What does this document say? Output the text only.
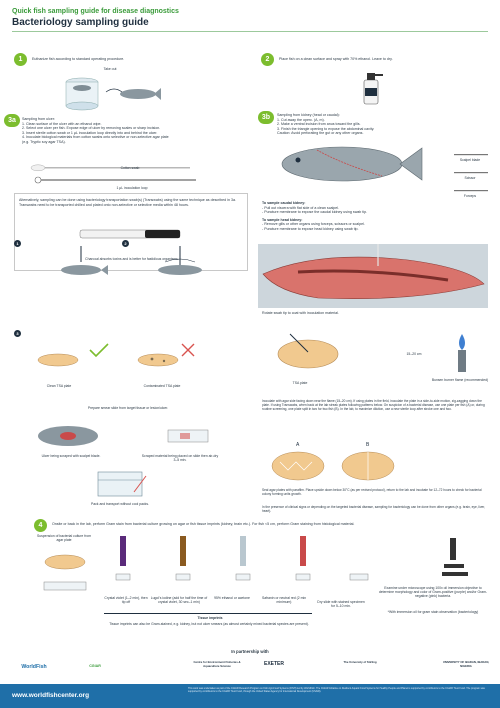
Quick fish sampling guide for disease diagnostics
Bacteriology sampling guide
1	Euthanize fish according to standard operating procedure.
Take out
2	Place fish on a clean surface and spray with 70% ethanol. Leave to dry.
3a	Sampling from ulcer:
1. Clean surface of the ulcer with an ethanol wipe.
2. Select one ulcer per fish. Expose edge of ulcer by removing scales or sharp incision.
3. Insert sterile cotton swab or 1 μL inoculation loop directly into and behind the ulcer.
4. Inoculate biological materials from cotton swabs onto selective or non-selective agar plate
(e.g. Tryptic soy agar TSA).
Cotton swab
1 μL inoculation loop
Alternatively, sampling can be done using bacteriology transportation swab(s) (Transwabs) using the same technique as described in 3a. Transwabs need to be transported chilled and plated onto non-selective or selective media within 48 hours.
Charcoal absorbs toxins and is better for fastidious organisms.
3b	Sampling from kidney (head or caudal):
1. Cut away the operc. (A, m).
2. Make a ventral incision from anus toward the gills.
3. Finish the triangle opening to expose the abdominal cavity.
Caution: Avoid perforating the gut or any other organs.
Scalpel blade
Scissor
Forceps
To sample caudal kidney:
- Pull out viscera with flat side of a clean scalpel.
- Puncture membrane to expose the caudal kidney using swab tip.
To sample head kidney:
- Remove gills or other organs using forceps, scissors or scalpel.
- Puncture membrane to expose head kidney using swab tip.
1	2
Rotate swab tip to coat with inoculation material.
3
Clean TSA plate	Contaminated TSA plate
Prepare smear slide from target tissue or lesion/ulcer.
Ulcer being scraped with scalpel blade.	Scraped material being placed on slide then air-dry 3–5 min.
Pack and transport without cool packs.
15–20 cm
TSA plate
Bunsen burner flame (recommended)
Inoculate with agar side facing down near the flame (15–20 cm). If using plates in the field, inoculate the plate in a side-to-side motion, zig-zagging down the plate. If using Transwabs, when back at the lab streak plates following patterns below. On suspicion of a bacterial disease, use one plate per fish (A) or, during routine screening, one plate split in two for two fish (B). In the lab, to maximize dilution, use a new sterile loop after stroke one and two.
A	B
Seal agar plates with parafilm. Place upside down below 30°C (as per revised protocol), return to the lab and incubate for 12–72 hours to check for bacterial colony forming units growth.
In the presence of clinical signs or depending on the targeted bacterial disease, sampling for bacteriology can be done from other organs (e.g. brain, eye, liver, heart).
4	Onsite or back in the lab, perform Gram stain from bacterial culture growing on agar or fish tissue imprints (kidney, brain etc.). For fish <5 cm, perform Gram staining from histological material.
Suspension of bacterial culture from agar plate
Crystal violet (1–2 min), then tip off
Lugol's iodine (add for half the time of crystal violet, 30 sec–1 min)
95% ethanol or acetone	Safranin or neutral red (2 min minimum)	Dry slide with stained specimen for 5–10 min.
Examine under microscope using 100x oil immersion objective to determine morphology and color of Gram-positive (purple) and/or Gram-negative (pink) bacteria.
*With immersion oil for gram stain observation (bacteriology)
Tissue imprints
Tissue imprints can also be Gram-stained, e.g. kidney, but not ulcer smears (as almost certainly mixed bacterial species are present).
In partnership with
WorldFish	CGIAR
Centre for Environment Fisheries & Aquaculture Science	EXETER	The University of Stirling	UNIVERSITY OF IBADAN, IBADAN, NIGERIA
www.worldfishcenter.org
This work was undertaken as part of the CGIAR Research Program on Fish Agri-Food Systems (FISH) led by WorldFish. The CGIAR Initiative on Resilient Aquatic Food Systems for Healthy People and Planet is supported by contributors to the CGIAR Trust Fund. The program was supported by contributors to the CGIAR Trust Fund, through the United States Agency for International Development (USAID).
